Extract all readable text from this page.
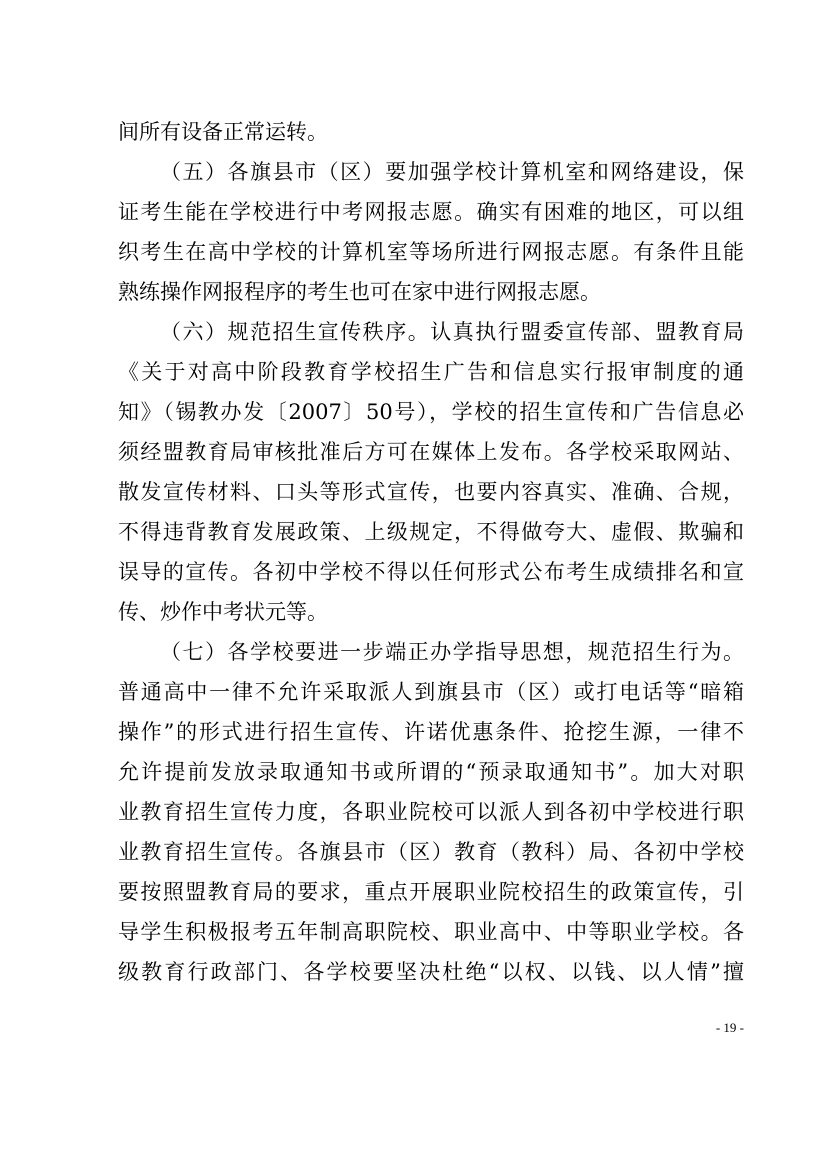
间所有设备正常运转。
（五）各旗县市（区）要加强学校计算机室和网络建设，保
证考生能在学校进行中考网报志愿。确实有困难的地区，可以组
织考生在高中学校的计算机室等场所进行网报志愿。有条件且能
熟练操作网报程序的考生也可在家中进行网报志愿。
（六）规范招生宣传秩序。认真执行盟委宣传部、盟教育局
《关于对高中阶段教育学校招生广告和信息实行报审制度的通
知》（锡教办发〔2007〕50号），学校的招生宣传和广告信息必
须经盟教育局审核批准后方可在媒体上发布。各学校采取网站、
散发宣传材料、口头等形式宣传，也要内容真实、准确、合规，
不得违背教育发展政策、上级规定，不得做夸大、虚假、欺骗和
误导的宣传。各初中学校不得以任何形式公布考生成绩排名和宣
传、炒作中考状元等。
（七）各学校要进一步端正办学指导思想，规范招生行为。
普通高中一律不允许采取派人到旗县市（区）或打电话等“暗箱
操作”的形式进行招生宣传、许诺优惠条件、抢挖生源，一律不
允许提前发放录取通知书或所谓的“预录取通知书”。加大对职
业教育招生宣传力度，各职业院校可以派人到各初中学校进行职
业教育招生宣传。各旗县市（区）教育（教科）局、各初中学校
要按照盟教育局的要求，重点开展职业院校招生的政策宣传，引
导学生积极报考五年制高职院校、职业高中、中等职业学校。各
级教育行政部门、各学校要坚决杜绝“以权、以钱、以人情”擅
- 19 -
